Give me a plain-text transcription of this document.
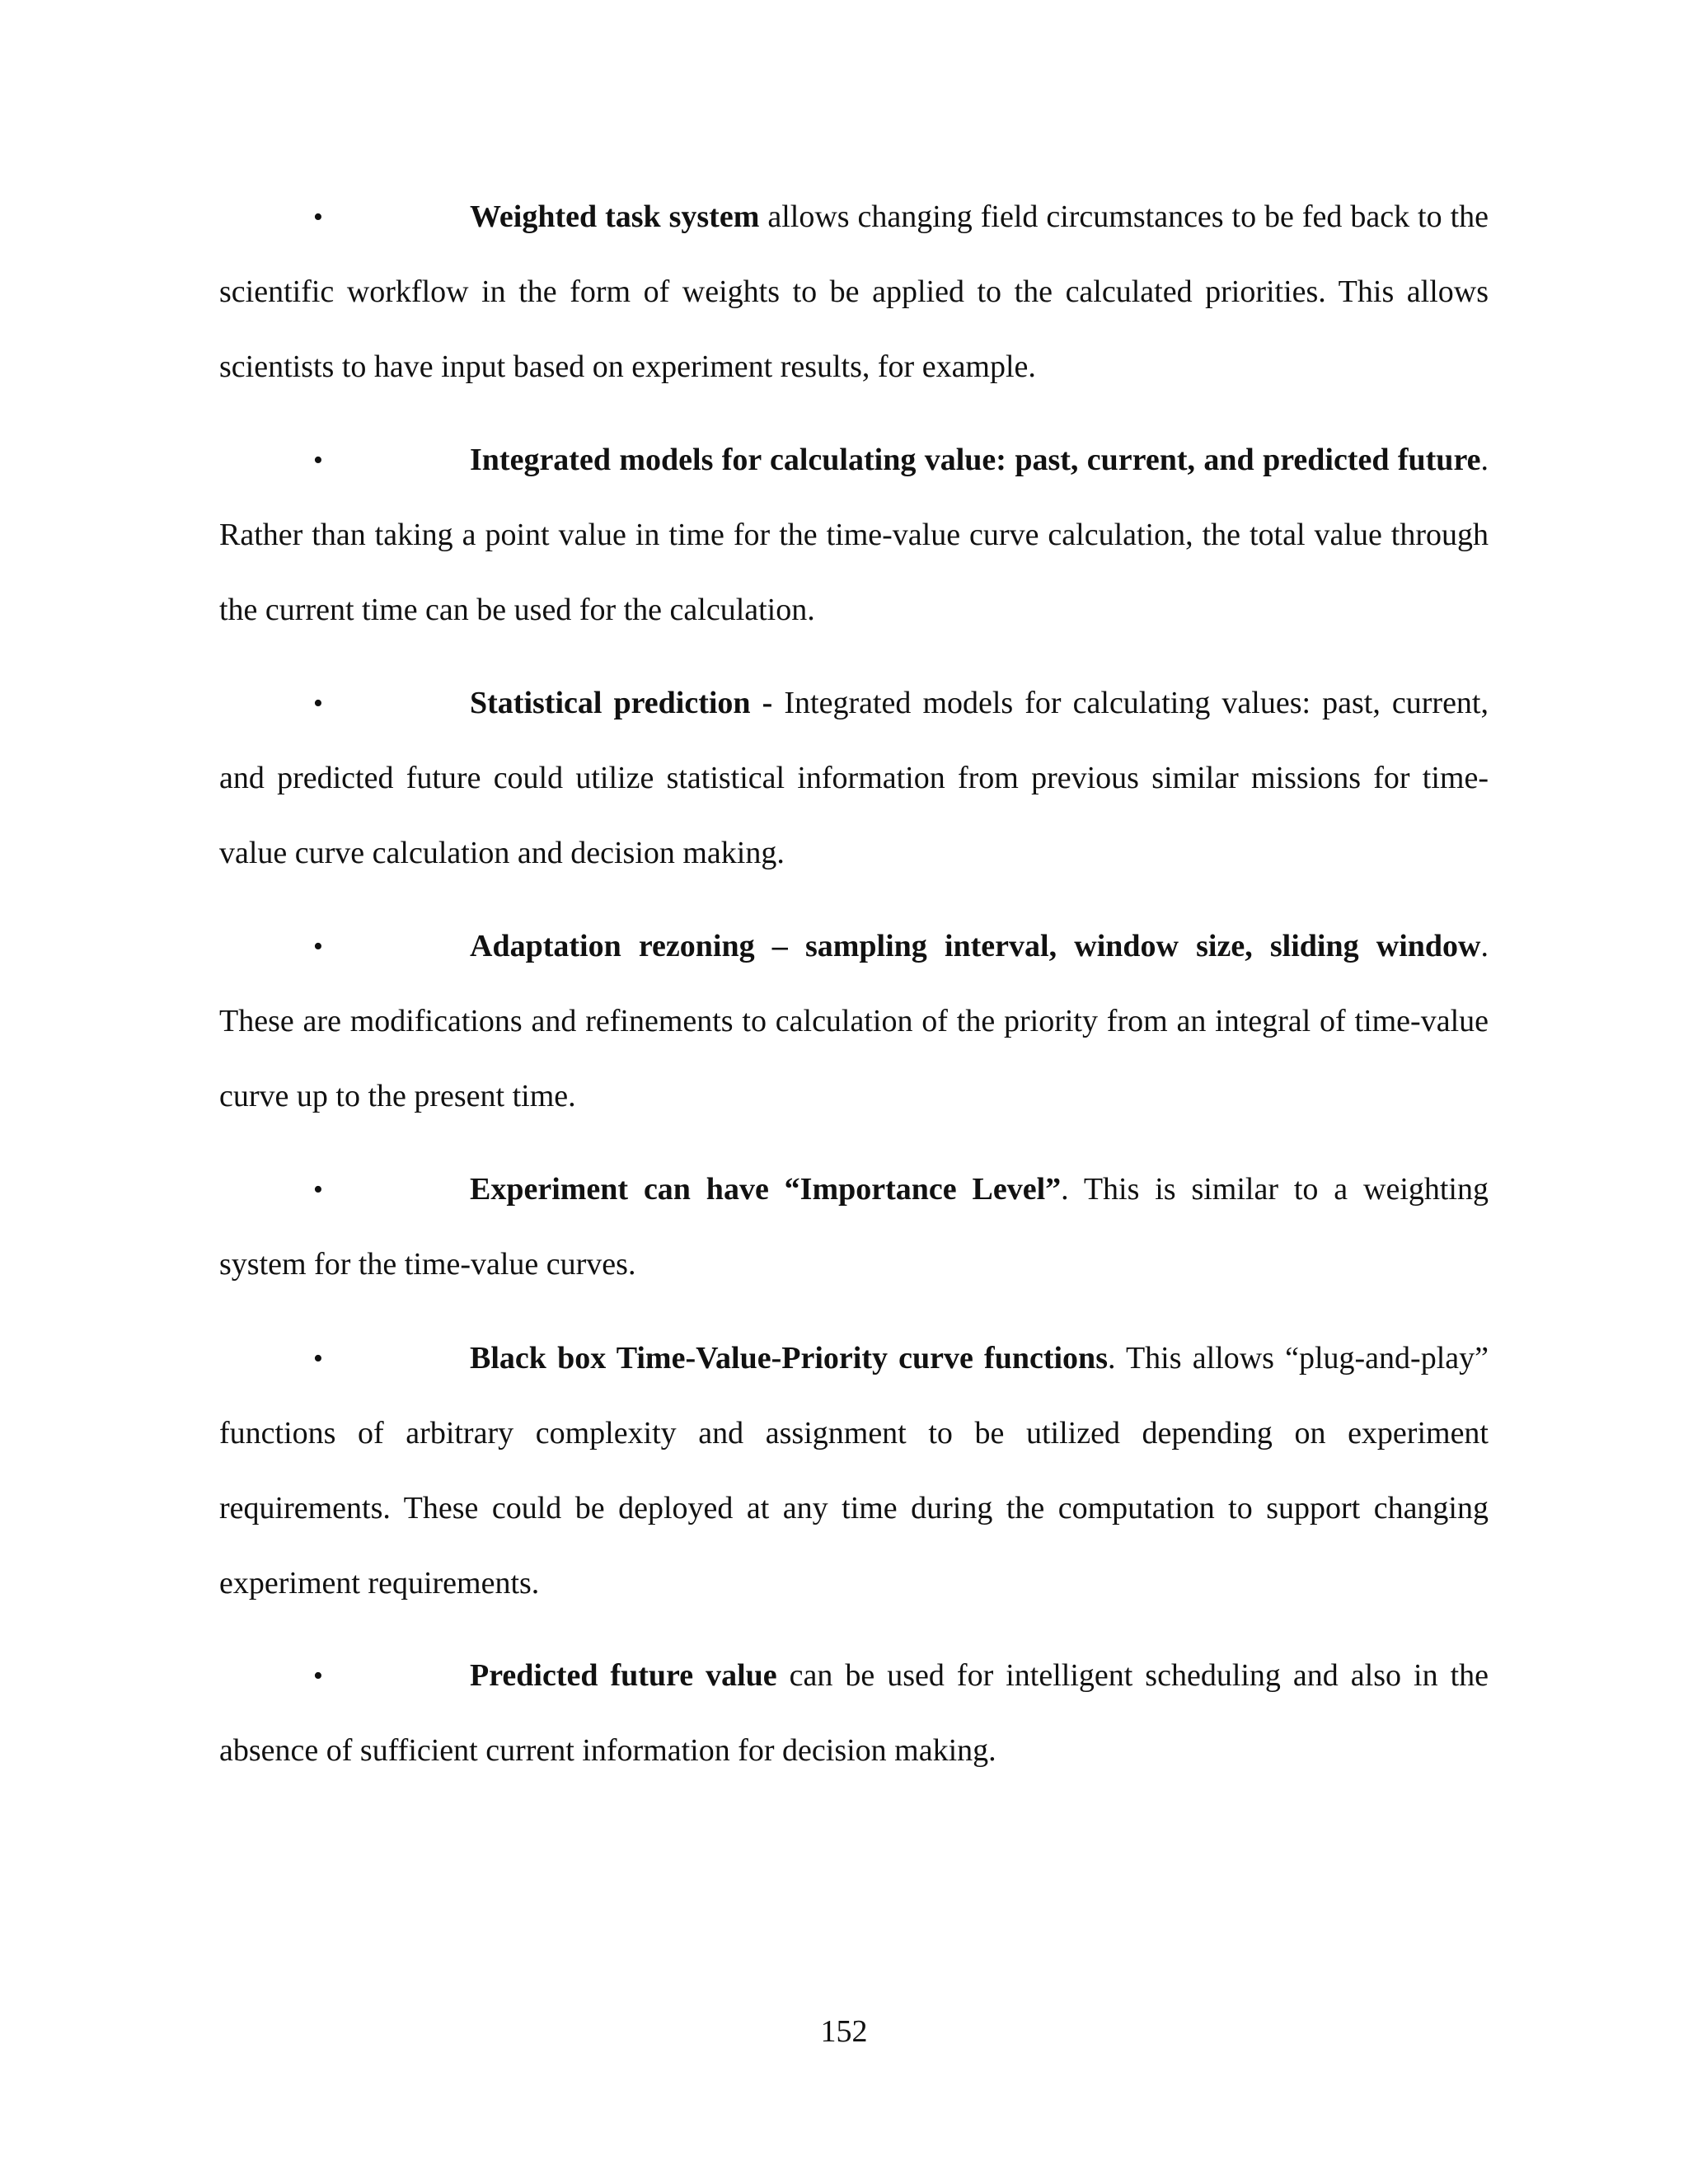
•	Weighted task system allows changing field circumstances to be fed back to the scientific workflow in the form of weights to be applied to the calculated priorities. This allows scientists to have input based on experiment results, for example.
•	Integrated models for calculating value: past, current, and predicted future. Rather than taking a point value in time for the time-value curve calculation, the total value through the current time can be used for the calculation.
•	Statistical prediction - Integrated models for calculating values: past, current, and predicted future could utilize statistical information from previous similar missions for time-value curve calculation and decision making.
•	Adaptation rezoning – sampling interval, window size, sliding window. These are modifications and refinements to calculation of the priority from an integral of time-value curve up to the present time.
•	Experiment can have “Importance Level”. This is similar to a weighting system for the time-value curves.
•	Black box Time-Value-Priority curve functions. This allows “plug-and-play” functions of arbitrary complexity and assignment to be utilized depending on experiment requirements. These could be deployed at any time during the computation to support changing experiment requirements.
•	Predicted future value can be used for intelligent scheduling and also in the absence of sufficient current information for decision making.
152
